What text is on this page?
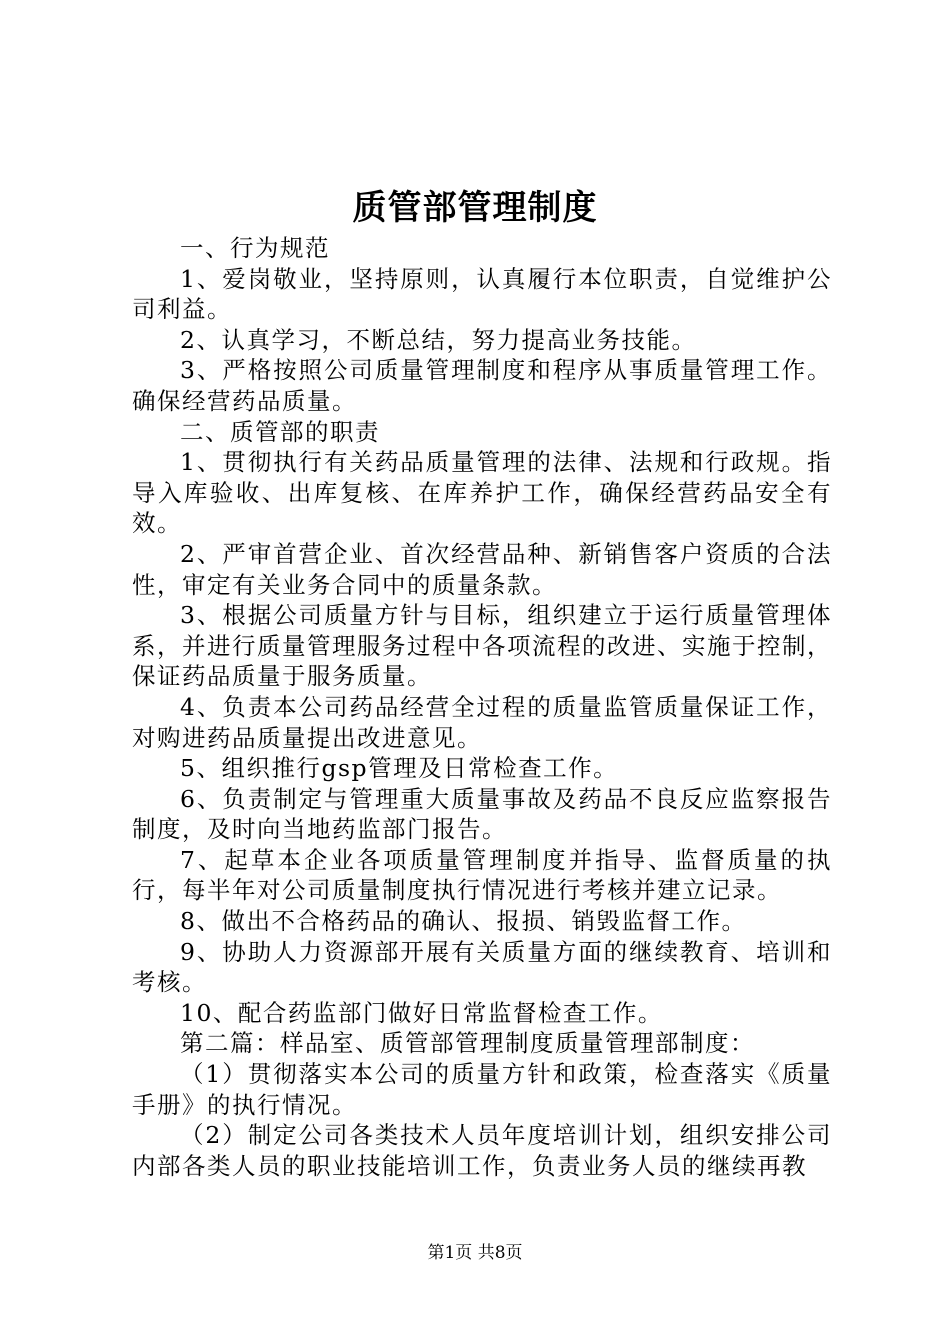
质管部管理制度

一、行为规范

1、爱岗敬业，坚持原则，认真履行本位职责，自觉维护公司利益。

2、认真学习，不断总结，努力提高业务技能。

3、严格按照公司质量管理制度和程序从事质量管理工作。确保经营药品质量。

二、质管部的职责

1、贯彻执行有关药品质量管理的法律、法规和行政规。指导入库验收、出库复核、在库养护工作，确保经营药品安全有效。

2、严审首营企业、首次经营品种、新销售客户资质的合法性，审定有关业务合同中的质量条款。

3、根据公司质量方针与目标，组织建立于运行质量管理体系，并进行质量管理服务过程中各项流程的改进、实施于控制，保证药品质量于服务质量。

4、负责本公司药品经营全过程的质量监管质量保证工作，对购进药品质量提出改进意见。

5、组织推行gsp管理及日常检查工作。

6、负责制定与管理重大质量事故及药品不良反应监察报告制度，及时向当地药监部门报告。

7、起草本企业各项质量管理制度并指导、监督质量的执行，每半年对公司质量制度执行情况进行考核并建立记录。

8、做出不合格药品的确认、报损、销毁监督工作。

9、协助人力资源部开展有关质量方面的继续教育、培训和考核。

10、配合药监部门做好日常监督检查工作。

第二篇：样品室、质管部管理制度质量管理部制度：

（1）贯彻落实本公司的质量方针和政策，检查落实《质量手册》的执行情况。

（2）制定公司各类技术人员年度培训计划，组织安排公司内部各类人员的职业技能培训工作，负责业务人员的继续再教

第1页 共8页
